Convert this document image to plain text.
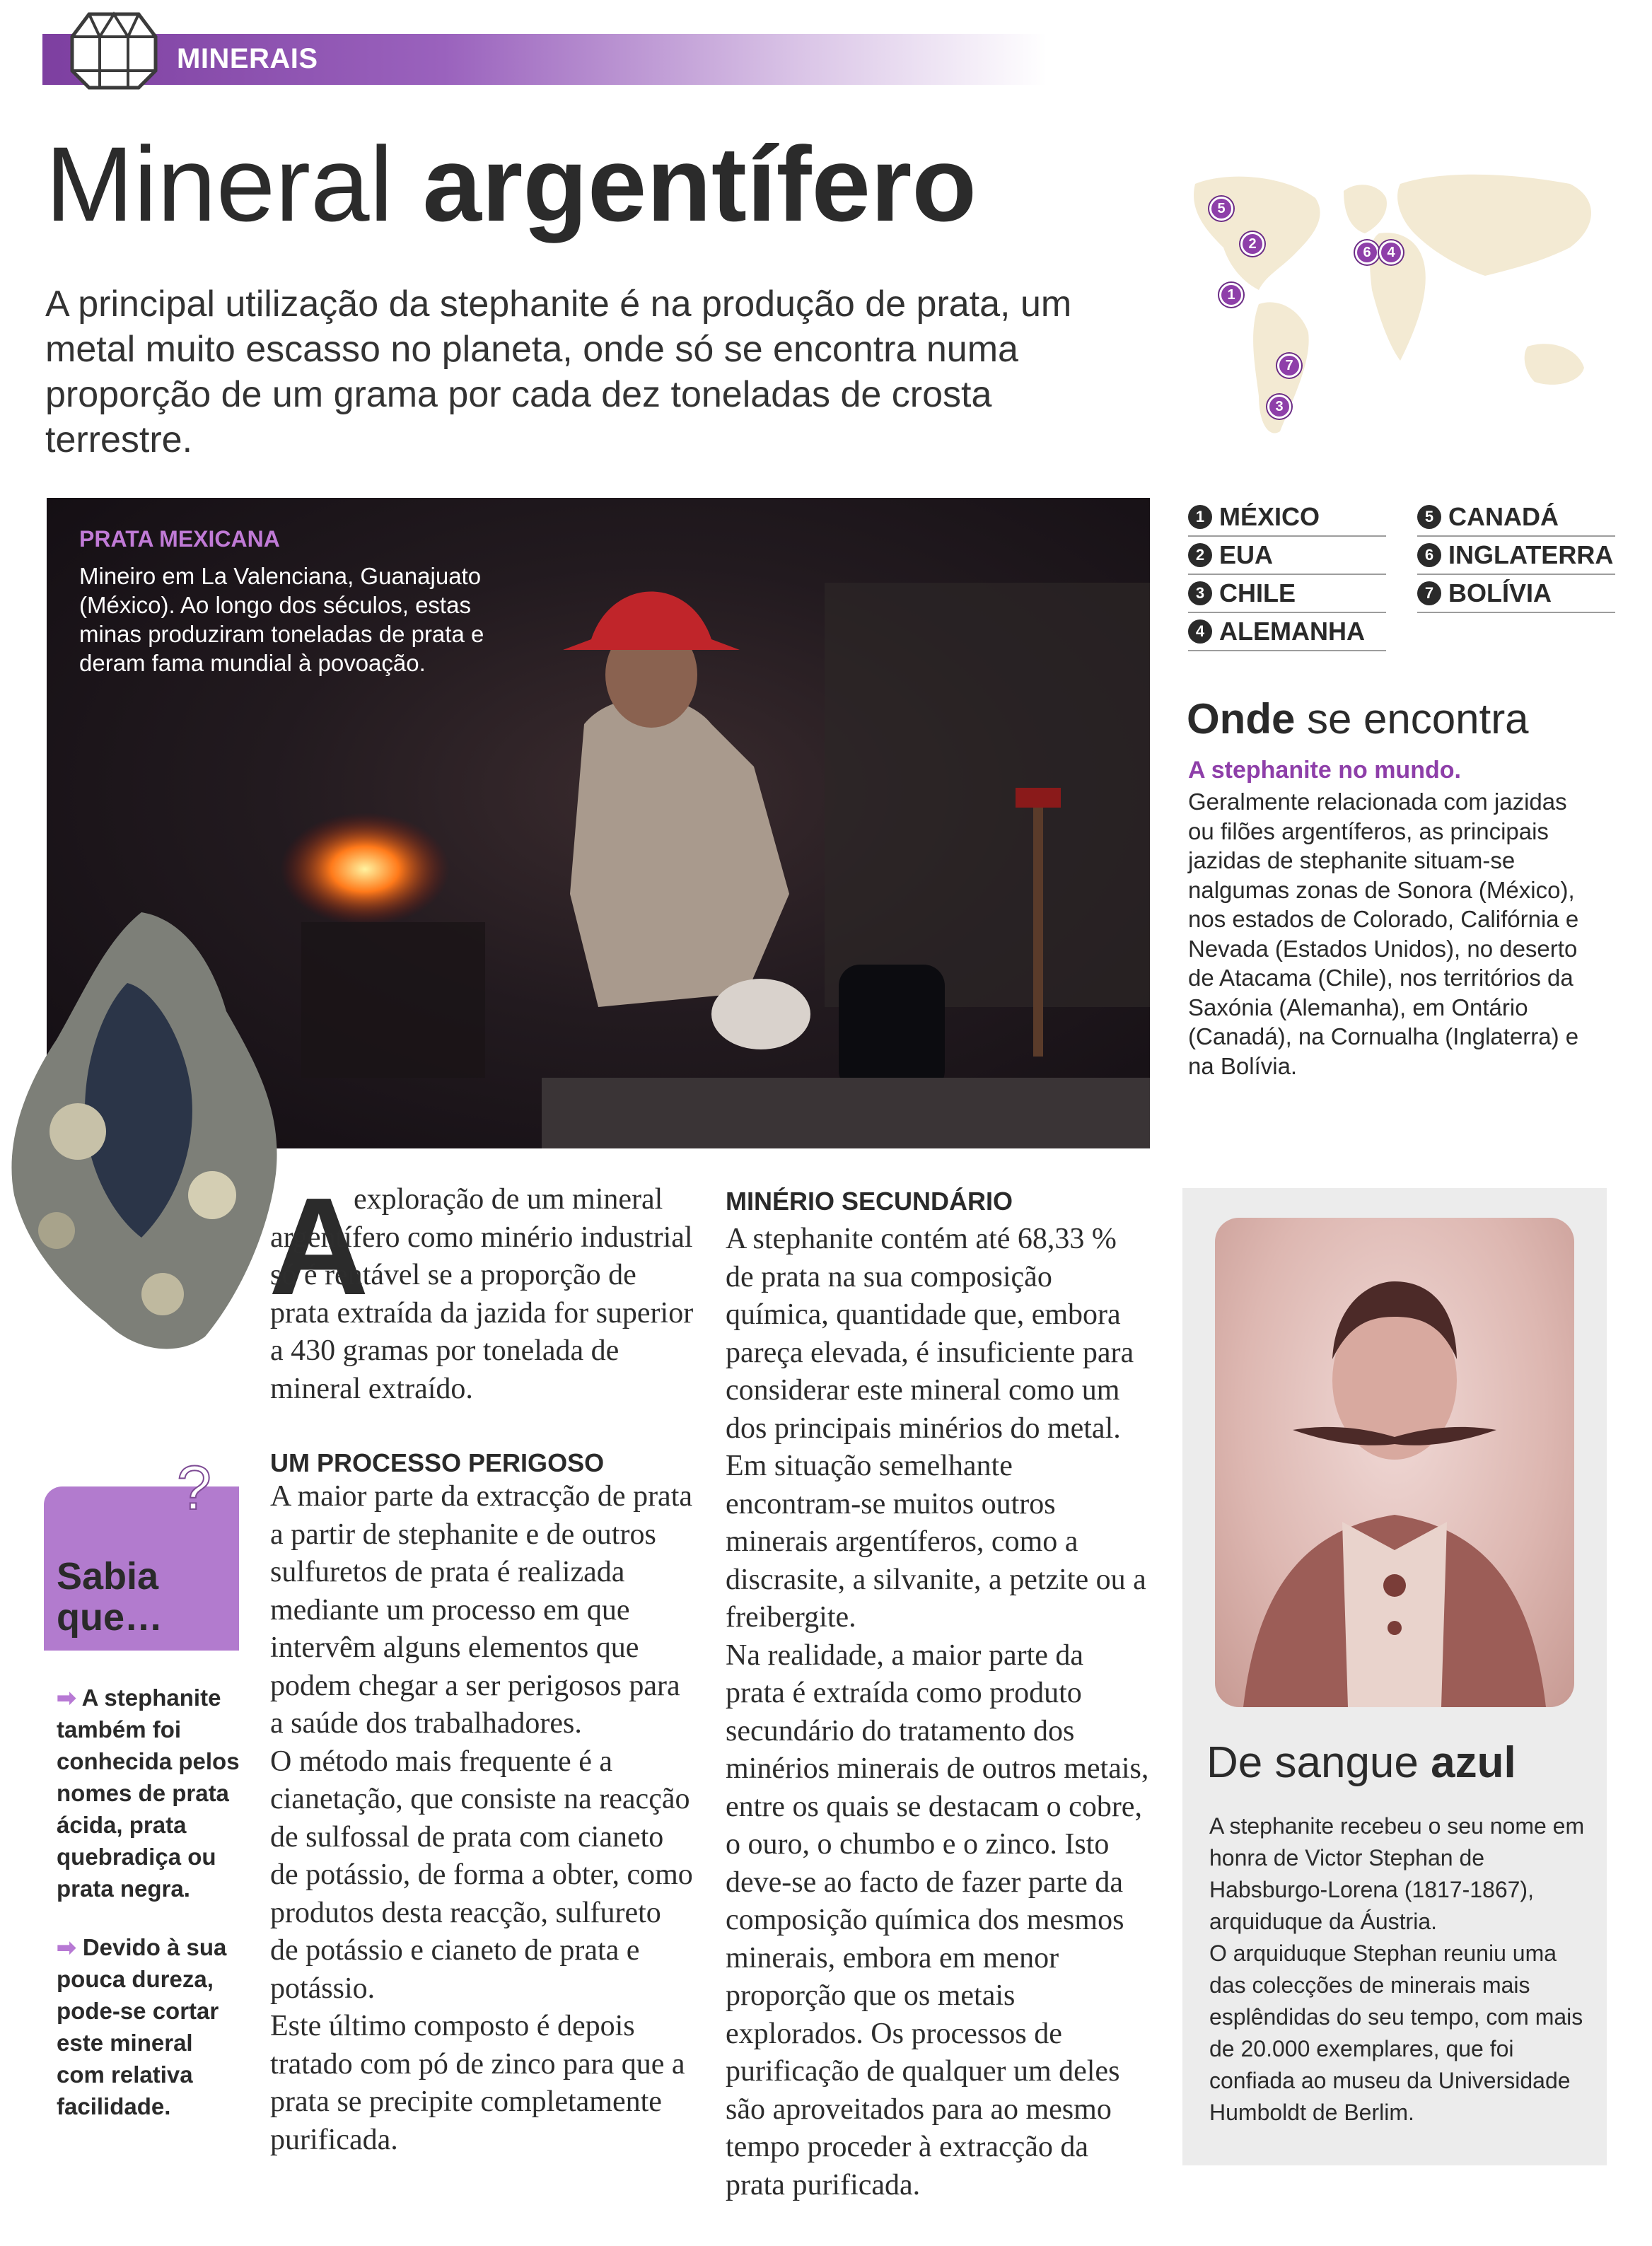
MINERAIS
Mineral argentífero

A principal utilização da stephanite é na produção de prata, um metal muito escasso no planeta, onde só se encontra numa proporção de um grama por cada dez toneladas de crosta terrestre.

5
2
6	4
1
7
3
1 MÉXICO
2 EUA
3 CHILE
4 ALEMANHA
5 CANADÁ
6 INGLATERRA
7 BOLÍVIA
PRATA MEXICANA

Mineiro em La Valenciana, Guanajuato (México). Ao longo dos séculos, estas minas produziram toneladas de prata e deram fama mundial à povoação.

Onde se encontra
A stephanite no mundo.

Geralmente relacionada com jazidas ou filões argentíferos, as principais jazidas de stephanite situam-se nalgumas zonas de Sonora (México), nos estados de Colorado, Califórnia e Nevada (Estados Unidos), no deserto de Atacama (Chile), nos territórios da Saxónia (Alemanha), em Ontário (Canadá), na Cornualha (Inglaterra) e na Bolívia.

A

exploração de um mineral argentífero como minério industrial só é rentável se a proporção de prata extraída da jazida for superior a 430 gramas por tonelada de mineral extraído.

UM PROCESSO PERIGOSO

A maior parte da extracção de prata a partir de stephanite e de outros sulfuretos de prata é realizada mediante um processo em que intervêm alguns elementos que podem chegar a ser perigosos para a saúde dos trabalhadores.

O método mais frequente é a cianetação, que consiste na reacção de sulfossal de prata com cianeto de potássio, de forma a obter, como produtos desta reacção, sulfureto de potássio e cianeto de prata e potássio.

Este último composto é depois tratado com pó de zinco para que a prata se precipite completamente purificada.

MINÉRIO SECUNDÁRIO

A stephanite contém até 68,33 % de prata na sua composição química, quantidade que, embora pareça elevada, é insuficiente para considerar este mineral como um dos principais minérios do metal.

Em situação semelhante encontram-se muitos outros minerais argentíferos, como a discrasite, a silvanite, a petzite ou a freibergite.

Na realidade, a maior parte da prata é extraída como produto secundário do tratamento dos minérios minerais de outros metais, entre os quais se destacam o cobre, o ouro, o chumbo e o zinco. Isto deve-se ao facto de fazer parte da composição química dos mesmos minerais, embora em menor proporção que os metais explorados. Os processos de purificação de qualquer um deles são aproveitados para ao mesmo tempo proceder à extracção da prata purificada.

?
Sabia que…

➡ A stephanite também foi conhecida pelos nomes de prata ácida, prata quebradiça ou prata negra.

➡ Devido à sua pouca dureza, pode-se cortar este mineral com relativa facilidade.

De sangue azul

A stephanite recebeu o seu nome em honra de Victor Stephan de Habsburgo-Lorena (1817-1867), arquiduque da Áustria.

O arquiduque Stephan reuniu uma das colecções de minerais mais esplêndidas do seu tempo, com mais de 20.000 exemplares, que foi confiada ao museu da Universidade Humboldt de Berlim.
